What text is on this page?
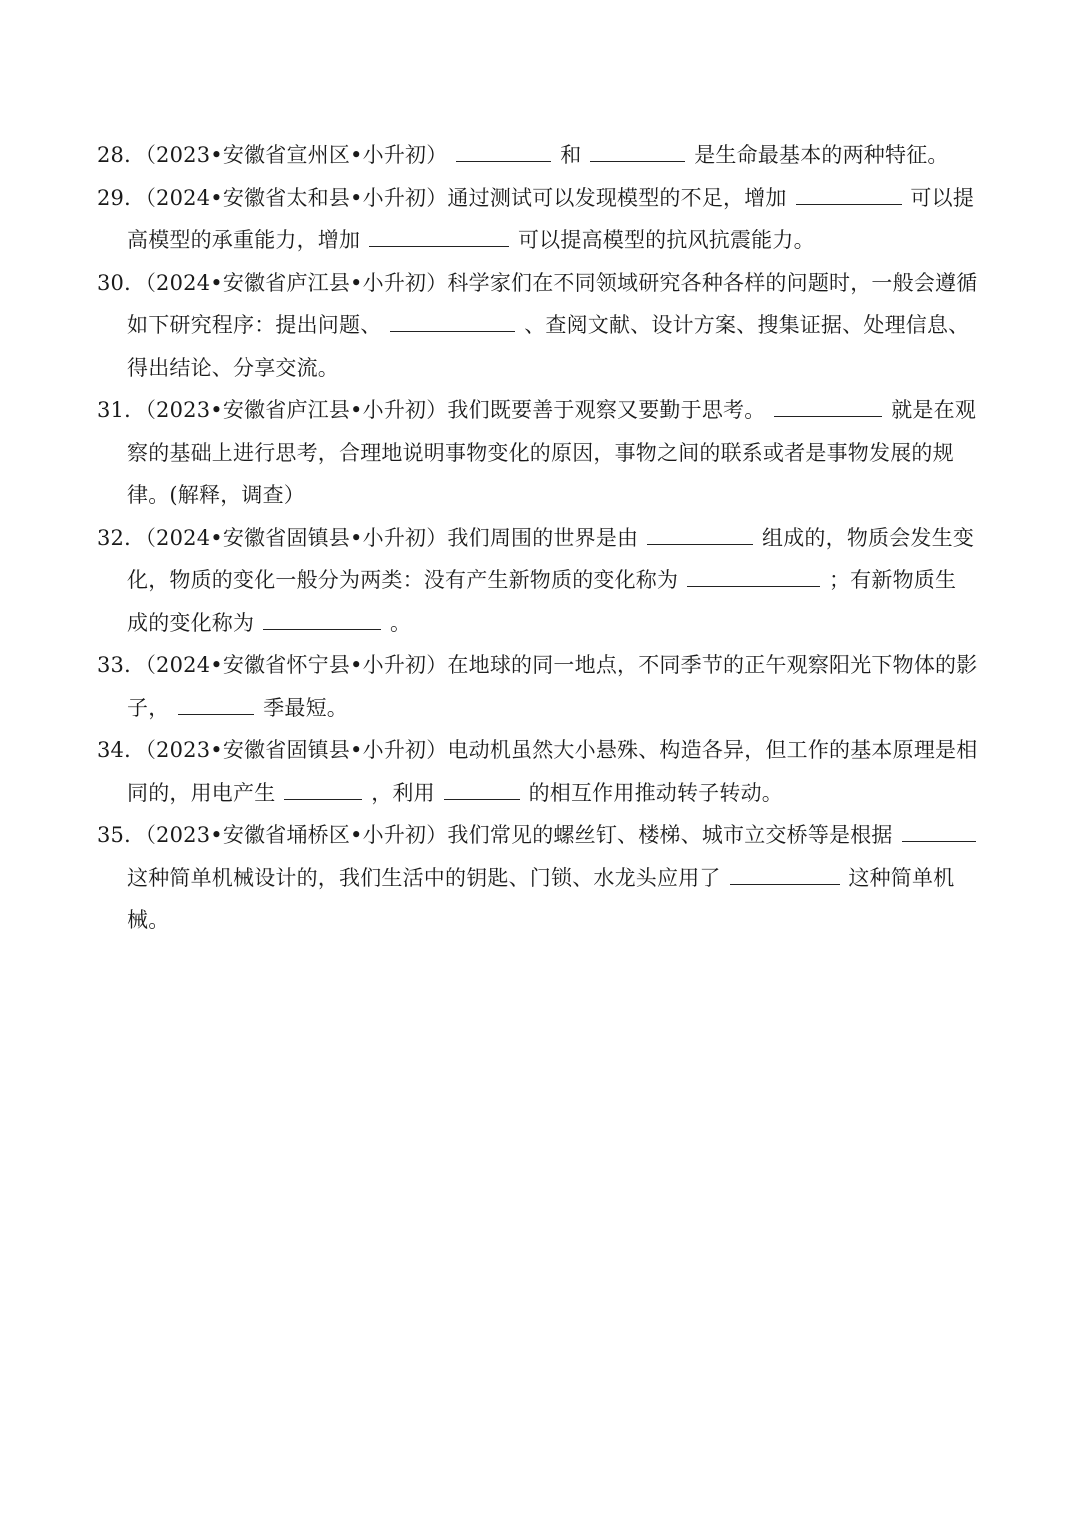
28．（2023•安徽省宣州区•小升初）	和	是生命最基本的两种特征。
29．（2024•安徽省太和县•小升初）通过测试可以发现模型的不足，增加	可以提
高模型的承重能力，增加	可以提高模型的抗风抗震能力。
30．（2024•安徽省庐江县•小升初）科学家们在不同领域研究各种各样的问题时，一般会遵循
如下研究程序：提出问题、	、查阅文献、设计方案、搜集证据、处理信息、
得出结论、分享交流。
31．（2023•安徽省庐江县•小升初）我们既要善于观察又要勤于思考。	就是在观
察的基础上进行思考，合理地说明事物变化的原因，事物之间的联系或者是事物发展的规
律。(解释，调查）
32．（2024•安徽省固镇县•小升初）我们周围的世界是由	组成的，物质会发生变
化，物质的变化一般分为两类：没有产生新物质的变化称为	；有新物质生
成的变化称为	。
33．（2024•安徽省怀宁县•小升初）在地球的同一地点，不同季节的正午观察阳光下物体的影
子，	季最短。
34．（2023•安徽省固镇县•小升初）电动机虽然大小悬殊、构造各异，但工作的基本原理是相
同的，用电产生	，利用	的相互作用推动转子转动。
35．（2023•安徽省埇桥区•小升初）我们常见的螺丝钉、楼梯、城市立交桥等是根据
这种简单机械设计的，我们生活中的钥匙、门锁、水龙头应用了	这种简单机
械。
